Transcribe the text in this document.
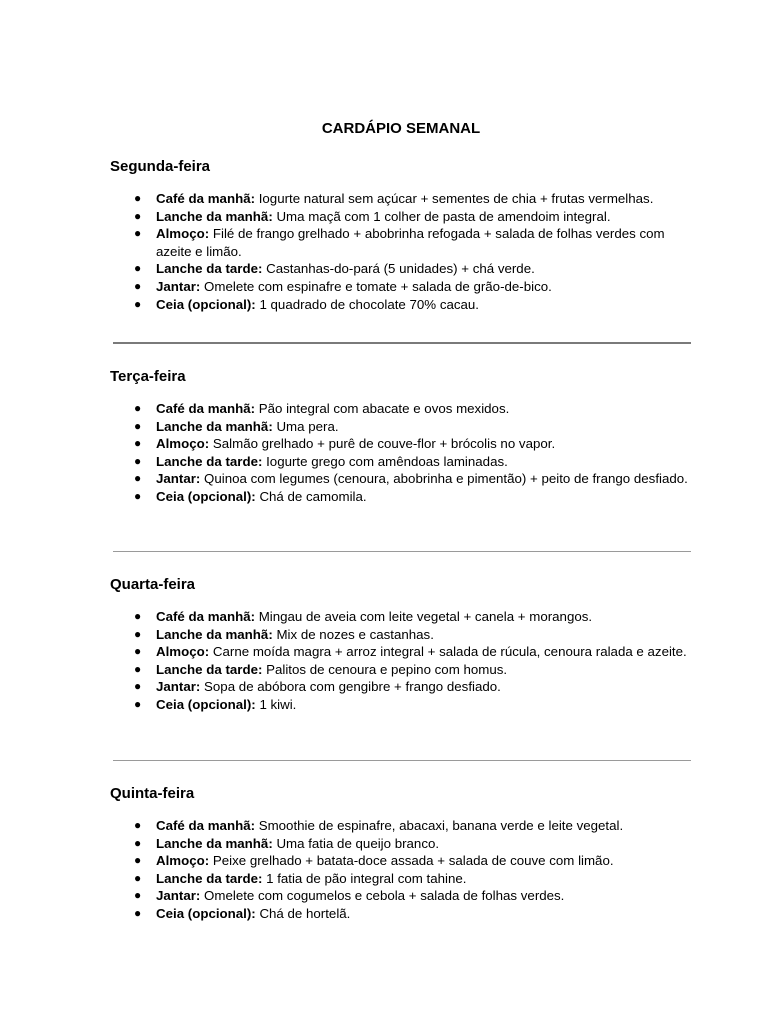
CARDÁPIO SEMANAL
Segunda-feira
● Café da manhã: Iogurte natural sem açúcar + sementes de chia + frutas vermelhas.
● Lanche da manhã: Uma maçã com 1 colher de pasta de amendoim integral.
● Almoço: Filé de frango grelhado + abobrinha refogada + salada de folhas verdes com azeite e limão.
● Lanche da tarde: Castanhas-do-pará (5 unidades) + chá verde.
● Jantar: Omelete com espinafre e tomate + salada de grão-de-bico.
● Ceia (opcional): 1 quadrado de chocolate 70% cacau.
Terça-feira
● Café da manhã: Pão integral com abacate e ovos mexidos.
● Lanche da manhã: Uma pera.
● Almoço: Salmão grelhado + purê de couve-flor + brócolis no vapor.
● Lanche da tarde: Iogurte grego com amêndoas laminadas.
● Jantar: Quinoa com legumes (cenoura, abobrinha e pimentão) + peito de frango desfiado.
● Ceia (opcional): Chá de camomila.
Quarta-feira
● Café da manhã: Mingau de aveia com leite vegetal + canela + morangos.
● Lanche da manhã: Mix de nozes e castanhas.
● Almoço: Carne moída magra + arroz integral + salada de rúcula, cenoura ralada e azeite.
● Lanche da tarde: Palitos de cenoura e pepino com homus.
● Jantar: Sopa de abóbora com gengibre + frango desfiado.
● Ceia (opcional): 1 kiwi.
Quinta-feira
● Café da manhã: Smoothie de espinafre, abacaxi, banana verde e leite vegetal.
● Lanche da manhã: Uma fatia de queijo branco.
● Almoço: Peixe grelhado + batata-doce assada + salada de couve com limão.
● Lanche da tarde: 1 fatia de pão integral com tahine.
● Jantar: Omelete com cogumelos e cebola + salada de folhas verdes.
● Ceia (opcional): Chá de hortelã.
